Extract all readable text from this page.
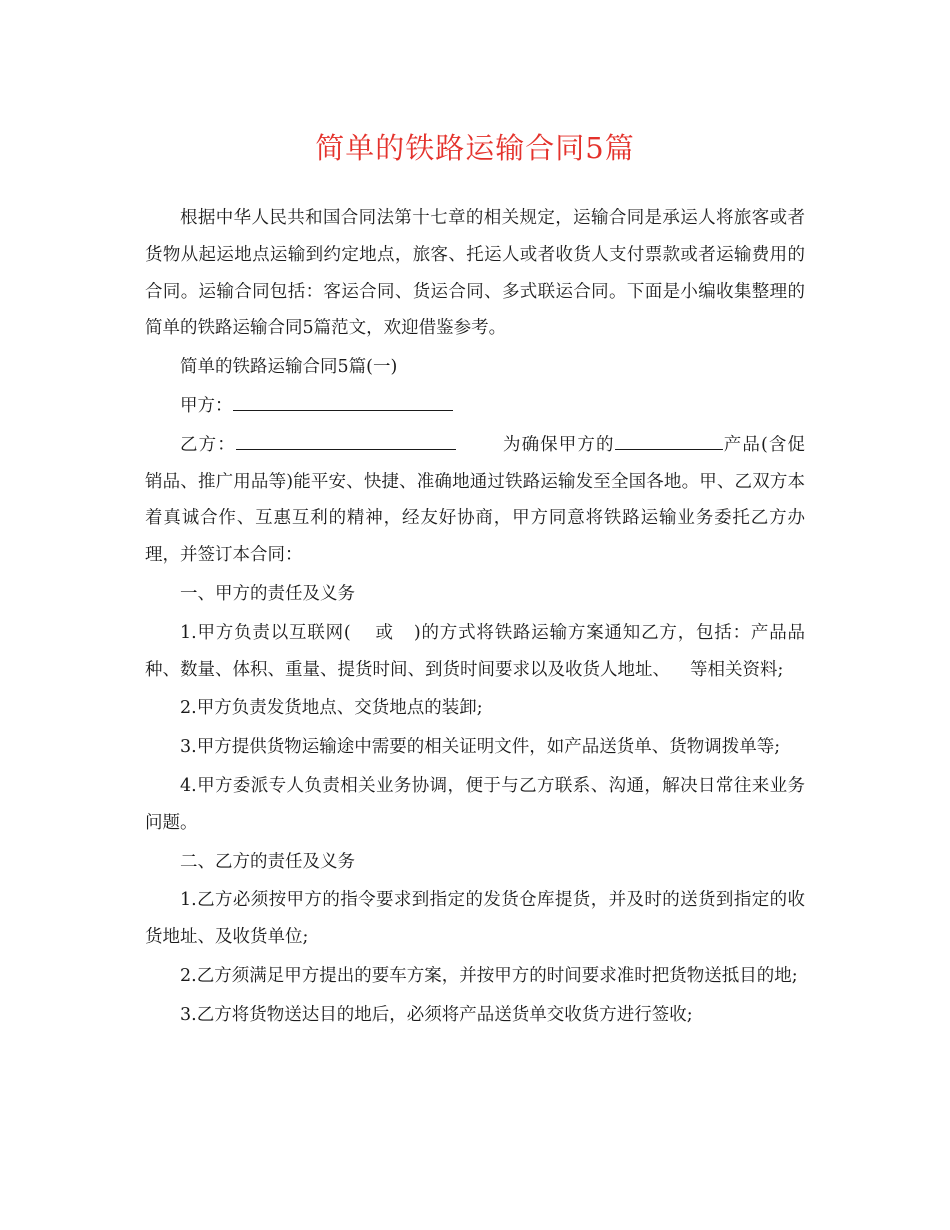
简单的铁路运输合同5篇

根据中华人民共和国合同法第十七章的相关规定，运输合同是承运人将旅客或者货物从起运地点运输到约定地点，旅客、托运人或者收货人支付票款或者运输费用的合同。运输合同包括：客运合同、货运合同、多式联运合同。下面是小编收集整理的简单的铁路运输合同5篇范文，欢迎借鉴参考。

简单的铁路运输合同5篇(一)

甲方：

乙方：	为确保甲方的	产品(含促销品、推广用品等)能平安、快捷、准确地通过铁路运输发至全国各地。甲、乙双方本着真诚合作、互惠互利的精神，经友好协商，甲方同意将铁路运输业务委托乙方办理，并签订本合同：

一、甲方的责任及义务

1.甲方负责以互联网( 或 )的方式将铁路运输方案通知乙方，包括：产品品种、数量、体积、重量、提货时间、到货时间要求以及收货人地址、 等相关资料;

2.甲方负责发货地点、交货地点的装卸;

3.甲方提供货物运输途中需要的相关证明文件，如产品送货单、货物调拨单等;

4.甲方委派专人负责相关业务协调，便于与乙方联系、沟通，解决日常往来业务问题。

二、乙方的责任及义务

1.乙方必须按甲方的指令要求到指定的发货仓库提货，并及时的送货到指定的收货地址、及收货单位;

2.乙方须满足甲方提出的要车方案，并按甲方的时间要求准时把货物送抵目的地;

3.乙方将货物送达目的地后，必须将产品送货单交收货方进行签收;
